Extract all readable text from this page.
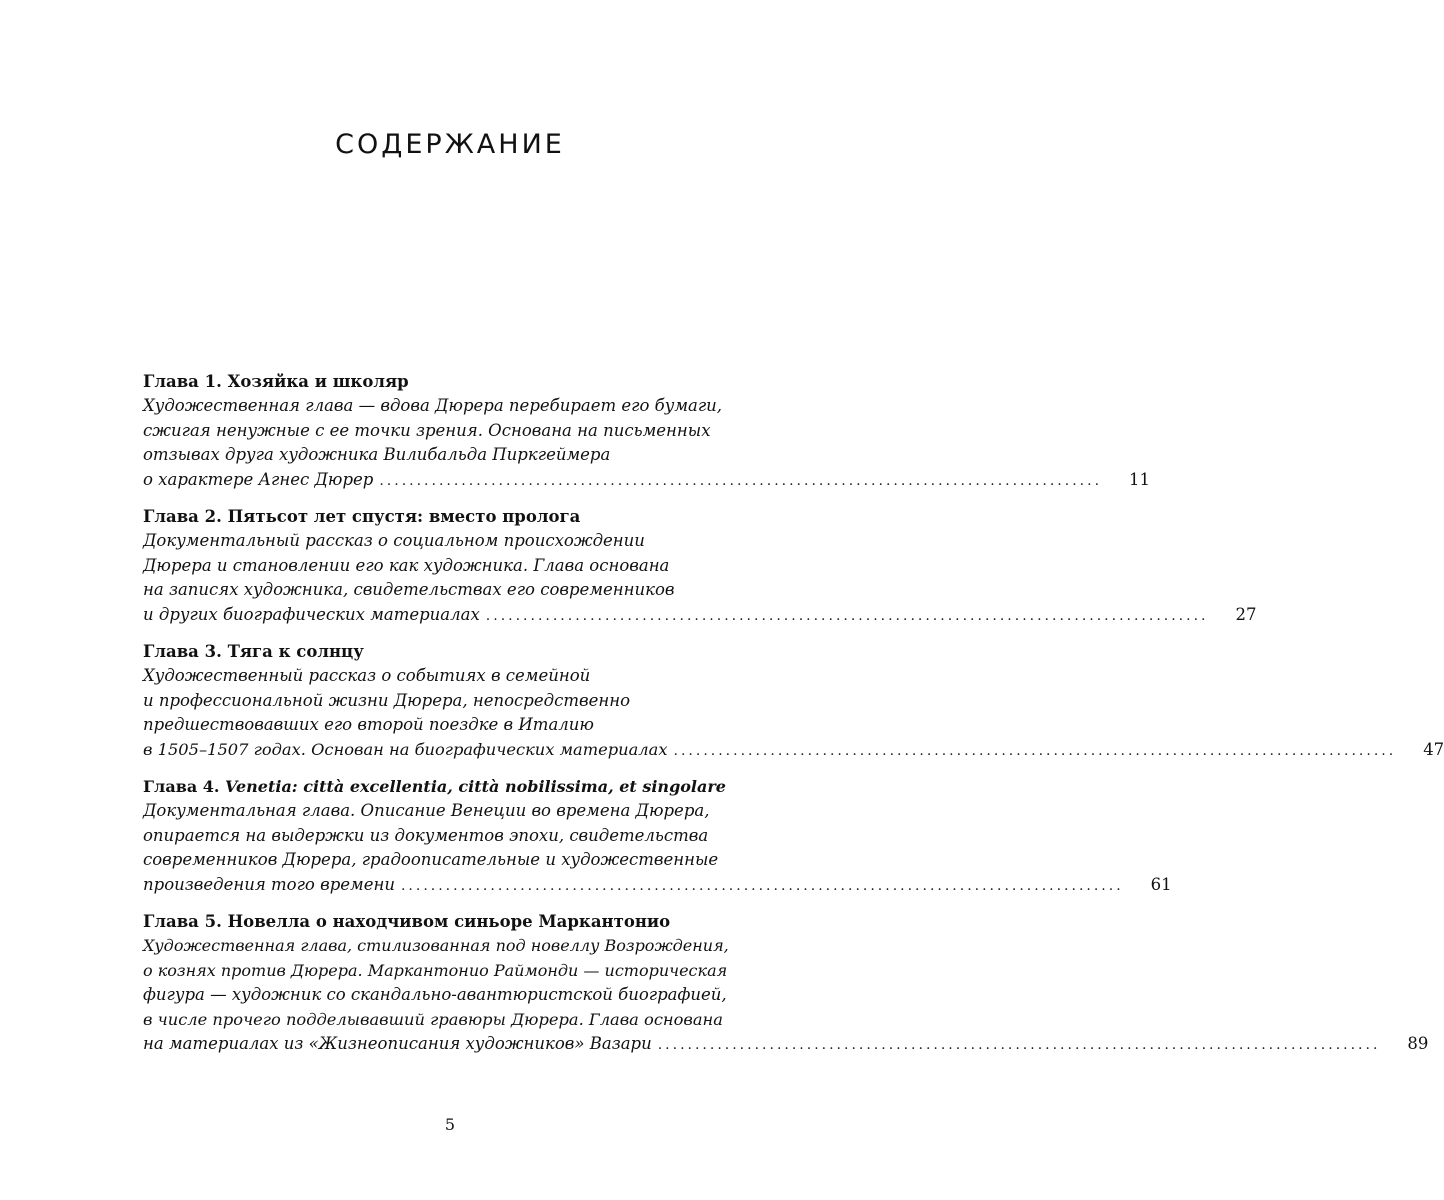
СОДЕРЖАНИЕ
Глава 1. Хозяйка и школяр
Художественная глава — вдова Дюрера перебирает его бумаги,
сжигая ненужные с ее точки зрения. Основана на письменных
отзывах друга художника Вилибальда Пиркгеймера
о характере Агнес Дюрер .................................................................................................	11
Глава 2. Пятьсот лет спустя: вместо пролога
Документальный рассказ о социальном происхождении
Дюрера и становлении его как художника. Глава основана
на записях художника, свидетельствах его современников
и других биографических материалах .................................................................................................	27
Глава 3. Тяга к солнцу
Художественный рассказ о событиях в семейной
и профессиональной жизни Дюрера, непосредственно
предшествовавших его второй поездке в Италию
в 1505–1507 годах. Основан на биографических материалах .................................................................................................	47
Глава 4. Venetia: città excellentia, città nobilissima, et singolare
Документальная глава. Описание Венеции во времена Дюрера,
опирается на выдержки из документов эпохи, свидетельства
современников Дюрера, градоописательные и художественные
произведения того времени .................................................................................................	61
Глава 5. Новелла о находчивом синьоре Маркантонио
Художественная глава, стилизованная под новеллу Возрождения,
о кознях против Дюрера. Маркантонио Раймонди — историческая
фигура — художник со скандально-авантюристской биографией,
в числе прочего подделывавший гравюры Дюрера. Глава основана
на материалах из «Жизнеописания художников» Вазари .................................................................................................	89
5
